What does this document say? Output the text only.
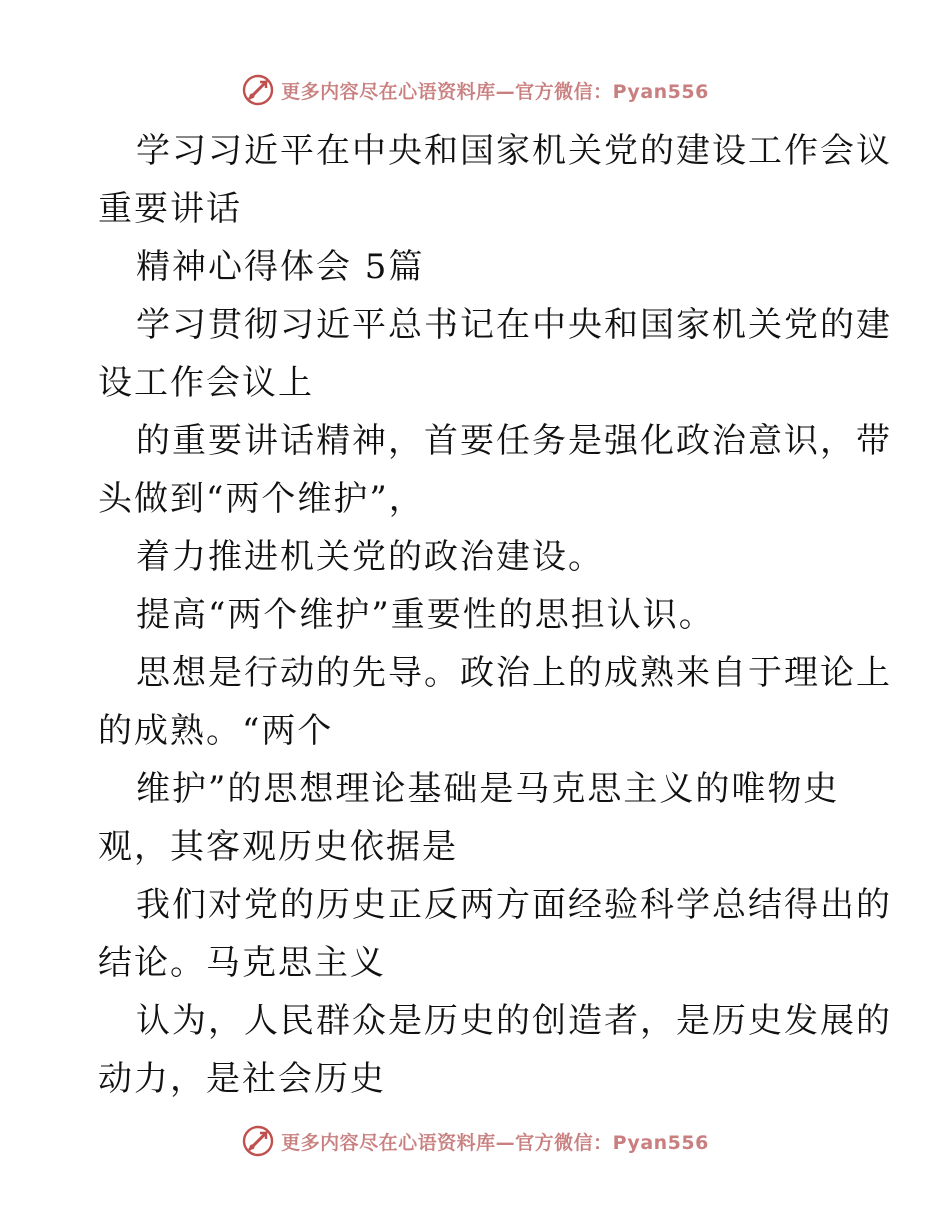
更多内容尽在心语资料库—官方微信：Pyan556
学习习近平在中央和国家机关党的建设工作会议
重要讲话
精神心得体会 5篇
学习贯彻习近平总书记在中央和国家机关党的建
设工作会议上
的重要讲话精神，首要任务是强化政治意识，带
头做到“两个维护”，
着力推进机关党的政治建设。
提高“两个维护”重要性的思担认识。
思想是行动的先导。政治上的成熟来自于理论上
的成熟。“两个
维护”的思想理论基础是马克思主义的唯物史
观，其客观历史依据是
我们对党的历史正反两方面经验科学总结得出的
结论。马克思主义
认为，人民群众是历史的创造者，是历史发展的
动力，是社会历史
更多内容尽在心语资料库—官方微信：Pyan556
